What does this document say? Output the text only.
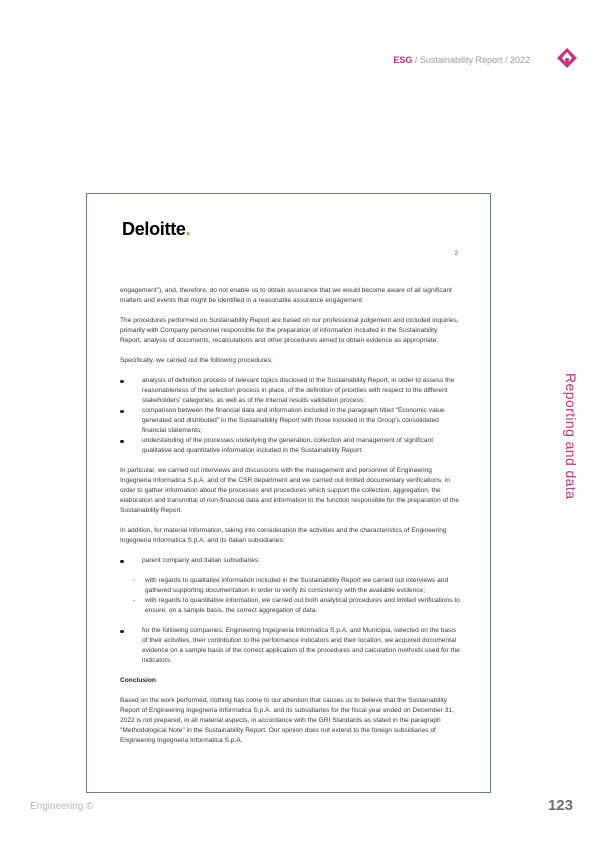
ESG / Sustainability Report / 2022
Reporting and data
Deloitte.
2

engagement"), and, therefore, do not enable us to obtain assurance that we would become aware of all significant matters and events that might be identified in a reasonable assurance engagement.

The procedures performed on Sustainability Report are based on our professional judgement and included inquiries, primarily with Company personnel responsible for the preparation of information included in the Sustainability Report, analysis of documents, recalculations and other procedures aimed to obtain evidence as appropriate.

Specifically, we carried out the following procedures:

analysis of definition process of relevant topics disclosed in the Sustainability Report, in order to assess the reasonableness of the selection process in place, of the definition of priorities with respect to the different stakeholders' categories, as well as of the internal results validation process;
comparison between the financial data and information included in the paragraph titled "Economic value generated and distributed" in the Sustainability Report with those included in the Group's consolidated financial statements;
understanding of the processes underlying the generation, collection and management of significant qualitative and quantitative information included in the Sustainability Report.

In particular, we carried out interviews and discussions with the management and personnel of Engineering Ingegneria Informatica S.p.A. and of the CSR department and we carried out limited documentary verifications, in order to gather information about the processes and procedures which support the collection, aggregation, the elaboration and transmittal of non-financial data and information to the function responsible for the preparation of the Sustainability Report.

In addition, for material information, taking into consideration the activities and the characteristics of Engineering Ingegneria Informatica S.p.A. and its Italian subsidiaries:

parent company and Italian subsidiaries:
- with regards to qualitative information included in the Sustainability Report we carried out interviews and gathered supporting documentation in order to verify its consistency with the available evidence;
- with regards to quantitative information, we carried out both analytical procedures and limited verifications to ensure, on a sample basis, the correct aggregation of data.
for the following companies, Engineering Ingegneria Informatica S.p.A. and Municipia, selected on the basis of their activities, their contribution to the performance indicators and their location, we acquired documental evidence on a sample basis of the correct application of the procedures and calculation methods used for the indicators.

Conclusion

Based on the work performed, nothing has come to our attention that causes us to believe that the Sustainability Report of Engineering Ingegneria Informatica S.p.A. and its subsidiaries for the fiscal year ended on December 31, 2022 is not prepared, in all material aspects, in accordance with the GRI Standards as stated in the paragraph "Methodological Note" in the Sustainability Report. Our opinion does not extend to the foreign subsidiaries of Engineering Ingegneria Informatica S.p.A.

Engineering ©	123
